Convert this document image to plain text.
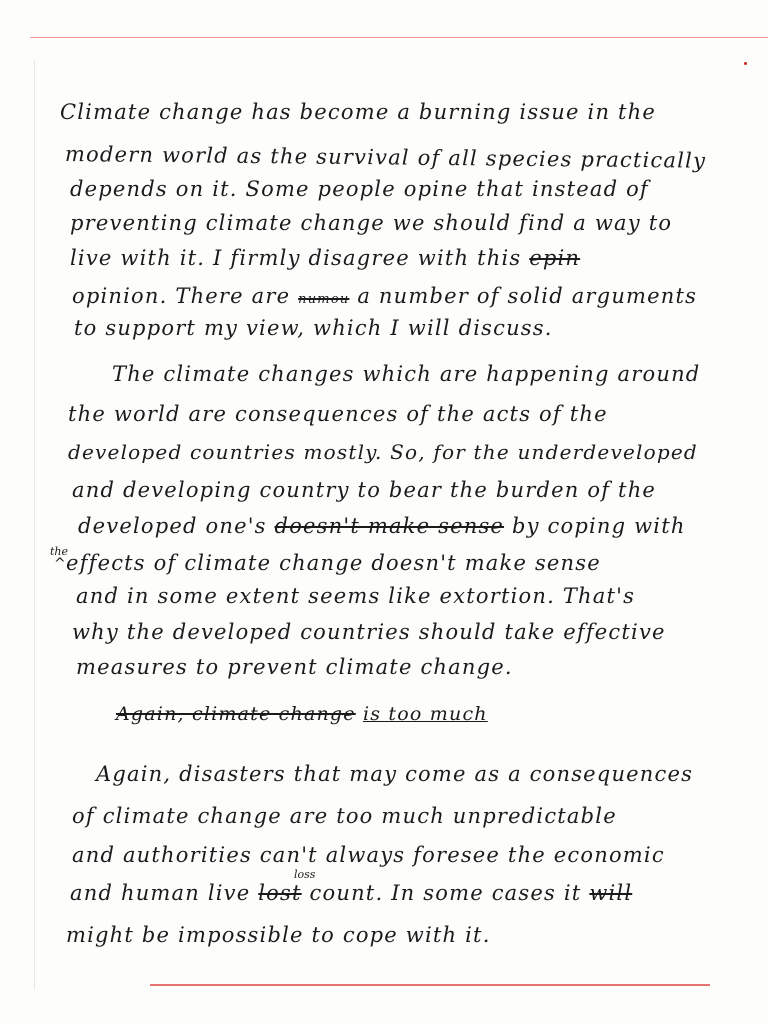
Climate change has become a burning issue in the
modern world as the survival of all species practically
depends on it. Some people opine that instead of
preventing climate change we should find a way to
live with it. I firmly disagree with this epin
opinion. There are numou a number of solid arguments
to support my view, which I will discuss.
The climate changes which are happening around
the world are consequences of the acts of the
developed countries mostly. So, for the underdeveloped
and developing country to bear the burden of the
developed one's doesn't make sense by coping with
the
^ effects of climate change doesn't make sense
and in some extent seems like extortion. That's
why the developed countries should take effective
measures to prevent climate change.
Again, climate change is too much
Again, disasters that may come as a consequences
of climate change are too much unpredictable
and authorities can't always foresee the economic
loss
and human live lost count. In some cases it will
might be impossible to cope with it.
